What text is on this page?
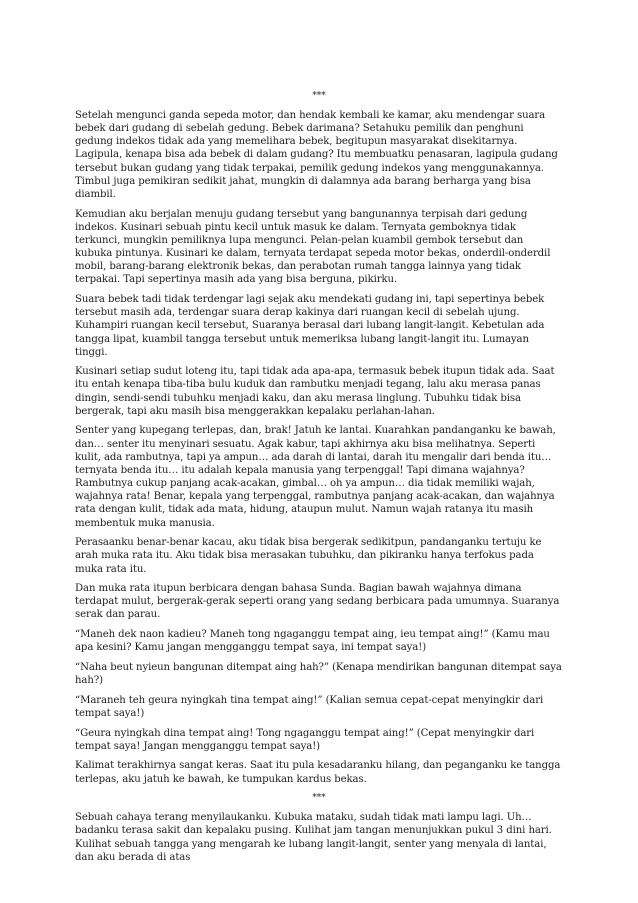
***

Setelah mengunci ganda sepeda motor, dan hendak kembali ke kamar, aku mendengar suara bebek dari gudang di sebelah gedung. Bebek darimana? Setahuku pemilik dan penghuni gedung indekos tidak ada yang memelihara bebek, begitupun masyarakat disekitarnya. Lagipula, kenapa bisa ada bebek di dalam gudang? Itu membuatku penasaran, lagipula gudang tersebut bukan gudang yang tidak terpakai, pemilik gedung indekos yang menggunakannya. Timbul juga pemikiran sedikit jahat, mungkin di dalamnya ada barang berharga yang bisa diambil.

Kemudian aku berjalan menuju gudang tersebut yang bangunannya terpisah dari gedung indekos. Kusinari sebuah pintu kecil untuk masuk ke dalam. Ternyata gemboknya tidak terkunci, mungkin pemiliknya lupa mengunci. Pelan-pelan kuambil gembok tersebut dan kubuka pintunya. Kusinari ke dalam, ternyata terdapat sepeda motor bekas, onderdil-onderdil mobil, barang-barang elektronik bekas, dan perabotan rumah tangga lainnya yang tidak terpakai. Tapi sepertinya masih ada yang bisa berguna, pikirku.

Suara bebek tadi tidak terdengar lagi sejak aku mendekati gudang ini, tapi sepertinya bebek tersebut masih ada, terdengar suara derap kakinya dari ruangan kecil di sebelah ujung. Kuhampiri ruangan kecil tersebut, Suaranya berasal dari lubang langit-langit. Kebetulan ada tangga lipat, kuambil tangga tersebut untuk memeriksa lubang langit-langit itu. Lumayan tinggi.

Kusinari setiap sudut loteng itu, tapi tidak ada apa-apa, termasuk bebek itupun tidak ada. Saat itu entah kenapa tiba-tiba bulu kuduk dan rambutku menjadi tegang, lalu aku merasa panas dingin, sendi-sendi tubuhku menjadi kaku, dan aku merasa linglung. Tubuhku tidak bisa bergerak, tapi aku masih bisa menggerakkan kepalaku perlahan-lahan.

Senter yang kupegang terlepas, dan, brak! Jatuh ke lantai. Kuarahkan pandanganku ke bawah, dan… senter itu menyinari sesuatu. Agak kabur, tapi akhirnya aku bisa melihatnya. Seperti kulit, ada rambutnya, tapi ya ampun… ada darah di lantai, darah itu mengalir dari benda itu… ternyata benda itu… itu adalah kepala manusia yang terpenggal! Tapi dimana wajahnya? Rambutnya cukup panjang acak-acakan, gimbal… oh ya ampun… dia tidak memiliki wajah, wajahnya rata! Benar, kepala yang terpenggal, rambutnya panjang acak-acakan, dan wajahnya rata dengan kulit, tidak ada mata, hidung, ataupun mulut. Namun wajah ratanya itu masih membentuk muka manusia.

Perasaanku benar-benar kacau, aku tidak bisa bergerak sedikitpun, pandanganku tertuju ke arah muka rata itu. Aku tidak bisa merasakan tubuhku, dan pikiranku hanya terfokus pada muka rata itu.

Dan muka rata itupun berbicara dengan bahasa Sunda. Bagian bawah wajahnya dimana terdapat mulut, bergerak-gerak seperti orang yang sedang berbicara pada umumnya. Suaranya serak dan parau.

“Maneh dek naon kadieu? Maneh tong ngaganggu tempat aing, ieu tempat aing!” (Kamu mau apa kesini? Kamu jangan mengganggu tempat saya, ini tempat saya!)

“Naha beut nyieun bangunan ditempat aing hah?” (Kenapa mendirikan bangunan ditempat saya hah?)

“Maraneh teh geura nyingkah tina tempat aing!” (Kalian semua cepat-cepat menyingkir dari tempat saya!)

“Geura nyingkah dina tempat aing! Tong ngaganggu tempat aing!” (Cepat menyingkir dari tempat saya! Jangan mengganggu tempat saya!)

Kalimat terakhirnya sangat keras. Saat itu pula kesadaranku hilang, dan peganganku ke tangga terlepas, aku jatuh ke bawah, ke tumpukan kardus bekas.

***

Sebuah cahaya terang menyilaukanku. Kubuka mataku, sudah tidak mati lampu lagi. Uh… badanku terasa sakit dan kepalaku pusing. Kulihat jam tangan menunjukkan pukul 3 dini hari. Kulihat sebuah tangga yang mengarah ke lubang langit-langit, senter yang menyala di lantai, dan aku berada di atas
